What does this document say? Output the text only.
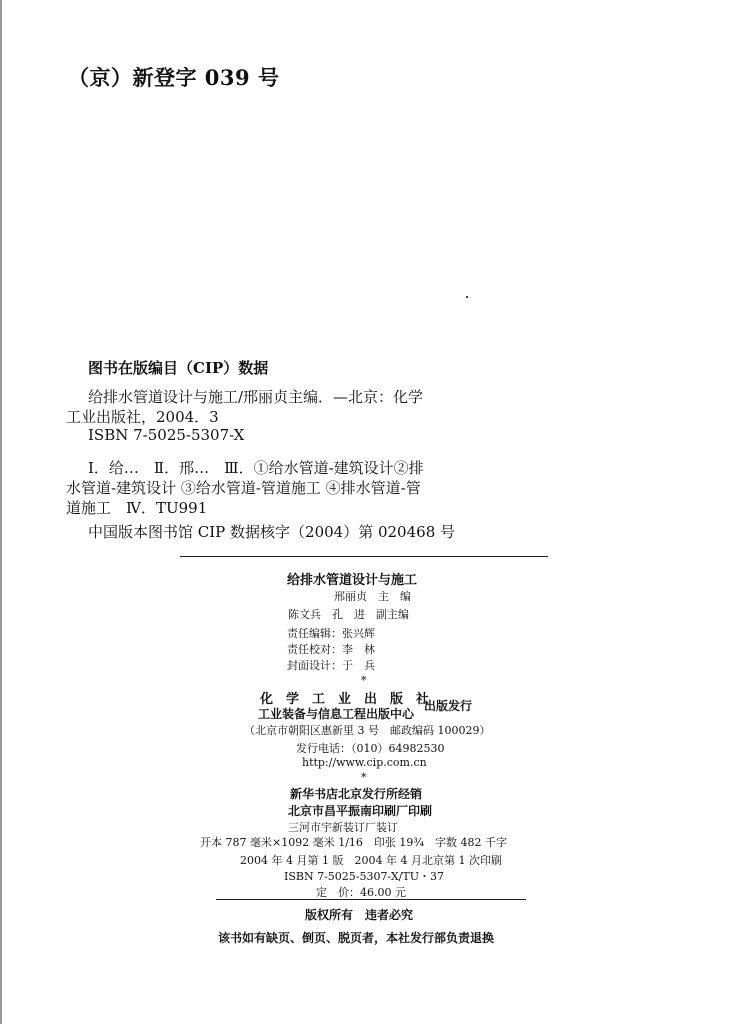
（京）新登字 039 号
图书在版编目（CIP）数据
给排水管道设计与施工/邢丽贞主编．—北京：化学
工业出版社，2004．3
ISBN 7-5025-5307-X
Ⅰ．给…　Ⅱ．邢…　Ⅲ．①给水管道-建筑设计②排
水管道-建筑设计 ③给水管道-管道施工 ④排水管道-管
道施工　Ⅳ．TU991
中国版本图书馆 CIP 数据核字（2004）第 020468 号
给排水管道设计与施工
邢丽贞　主　编
陈文兵　孔　进　副主编
责任编辑：张兴辉
责任校对：李　林
封面设计：于　兵
*
化　学　工　业　出　版　社
出版发行
工业装备与信息工程出版中心
（北京市朝阳区惠新里 3 号　邮政编码 100029）
发行电话：（010）64982530
http://www.cip.com.cn
*
新华书店北京发行所经销
北京市昌平振南印刷厂印刷
三河市宇新装订厂装订
开本 787 毫米×1092 毫米 1/16　印张 19¾　字数 482 千字
2004 年 4 月第 1 版　2004 年 4 月北京第 1 次印刷
ISBN 7-5025-5307-X/TU・37
定　价：46.00 元
版权所有　违者必究
该书如有缺页、倒页、脱页者，本社发行部负责退换
